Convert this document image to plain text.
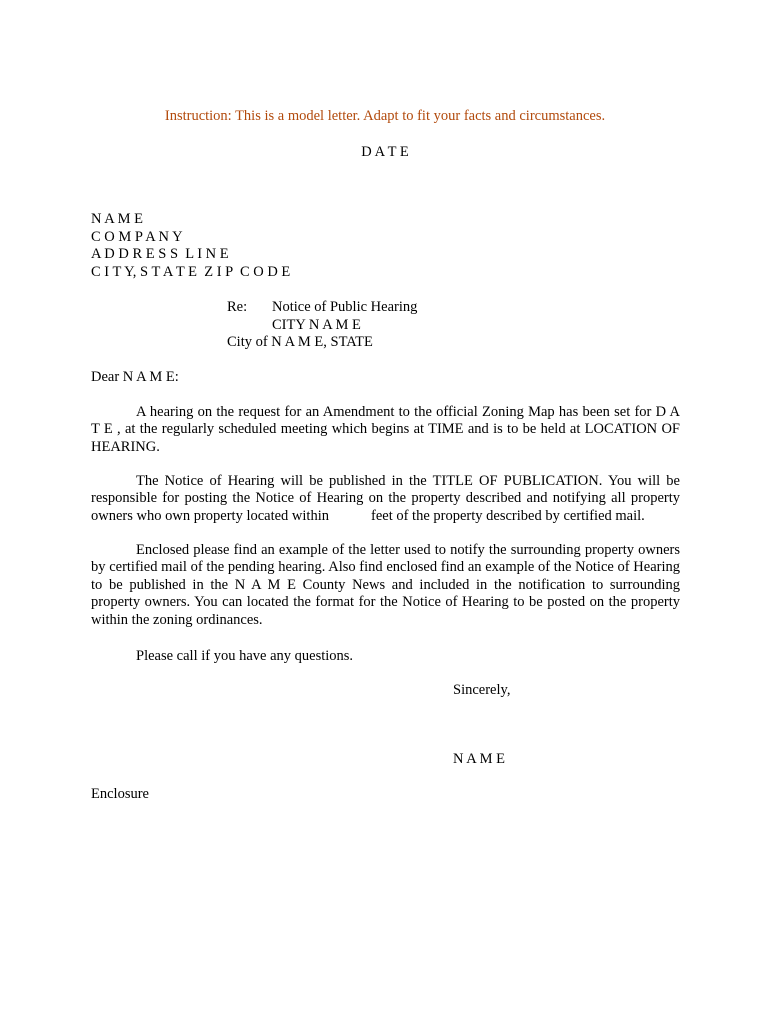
Instruction: This is a model letter. Adapt to fit your facts and circumstances.
D A T E
N A M E
C O M P A N Y
A D D R E S S  L I N E
C I T Y, S T A T E  Z I P  C O D E
Re: Notice of Public Hearing
CITY N A M E
City of N A M E, STATE
Dear N A M E:
A hearing on the request for an Amendment to the official Zoning Map has been set for D A T E , at the regularly scheduled meeting which begins at TIME and is to be held at LOCATION OF HEARING.
The Notice of Hearing will be published in the TITLE OF PUBLICATION. You will be responsible for posting the Notice of Hearing on the property described and notifying all property owners who own property located within	feet of the property described by certified mail.
Enclosed please find an example of the letter used to notify the surrounding property owners by certified mail of the pending hearing. Also find enclosed find an example of the Notice of Hearing to be published in the N A M E County News and included in the notification to surrounding property owners. You can located the format for the Notice of Hearing to be posted on the property within the zoning ordinances.
Please call if you have any questions.
Sincerely,
N A M E
Enclosure
